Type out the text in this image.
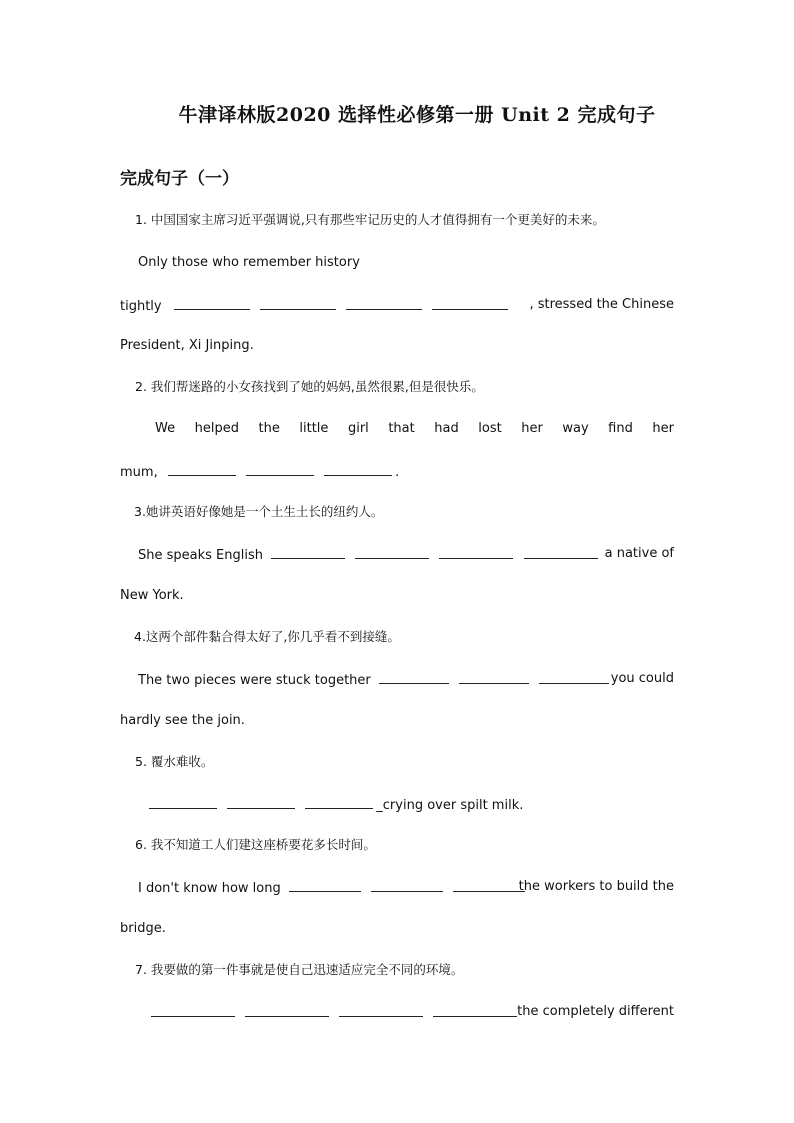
牛津译林版2020 选择性必修第一册 Unit 2 完成句子
完成句子（一）
1. 中国国家主席习近平强调说,只有那些牢记历史的人才值得拥有一个更美好的未来。
Only those who remember history
tightly	, stressed the Chinese
President, Xi Jinping.
2. 我们帮迷路的小女孩找到了她的妈妈,虽然很累,但是很快乐。
We helped the little girl that had lost her way find her
mum,	.
3.她讲英语好像她是一个土生土长的纽约人。
She speaks English	a native of
New York.
4.这两个部件黏合得太好了,你几乎看不到接缝。
The two pieces were stuck together	you could
hardly see the join.
5. 覆水难收。
_crying over spilt milk.
6. 我不知道工人们建这座桥要花多长时间。
I don't know how long	the workers to build the
bridge.
7. 我要做的第一件事就是使自己迅速适应完全不同的环境。

the completely different
